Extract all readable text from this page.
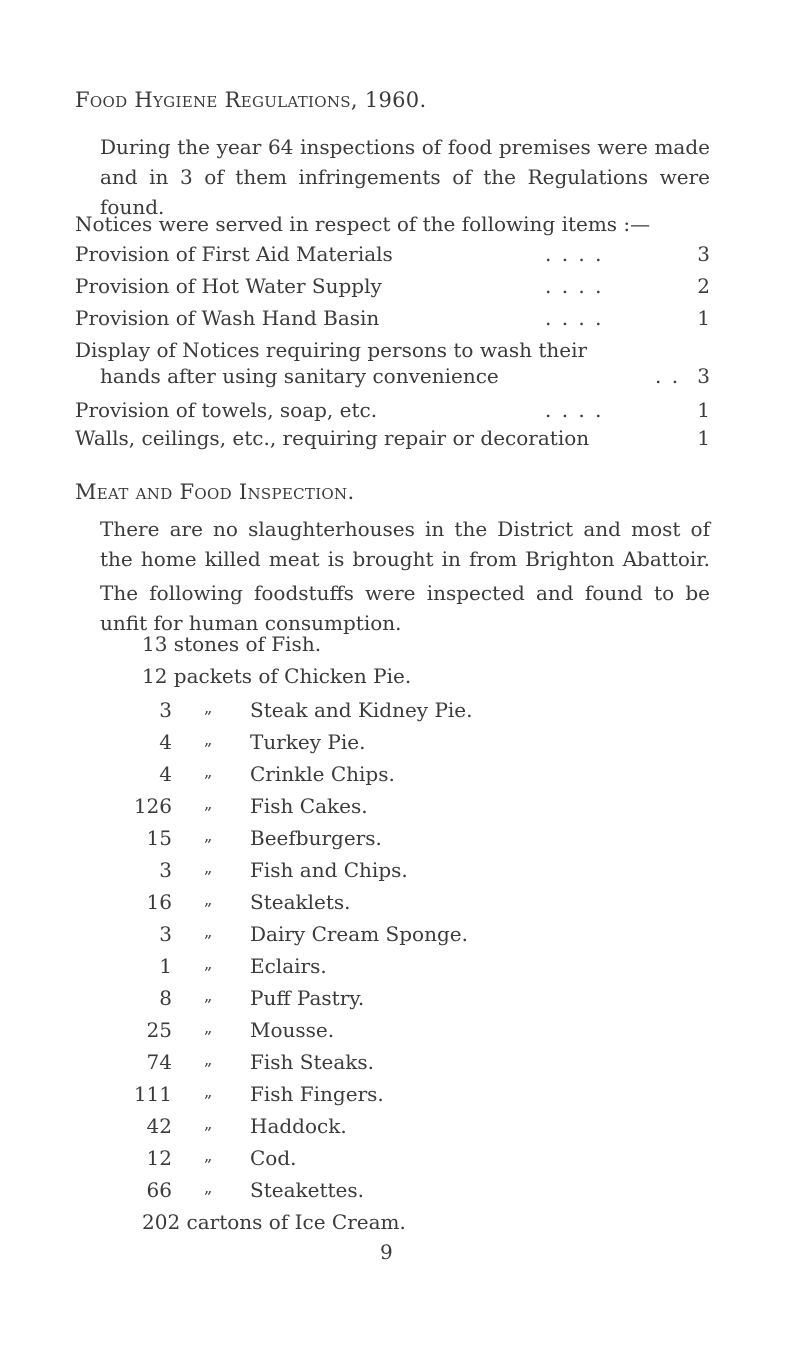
Food Hygiene Regulations, 1960.
During the year 64 inspections of food premises were made and in 3 of them infringements of the Regulations were found.
Notices were served in respect of the following items :—
Provision of First Aid Materials	. . . .	3
Provision of Hot Water Supply	. . . .	2
Provision of Wash Hand Basin	. . . .	1
Display of Notices requiring persons to wash their
hands after using sanitary convenience	. . 3
Provision of towels, soap, etc.	. . . .	1
Walls, ceilings, etc., requiring repair or decoration	1
Meat and Food Inspection.
There are no slaughterhouses in the District and most of the home killed meat is brought in from Brighton Abattoir.
The following foodstuffs were inspected and found to be unfit for human consumption.
13 stones of Fish.
12 packets of Chicken Pie.
3 „ Steak and Kidney Pie.
4 „ Turkey Pie.
4 „ Crinkle Chips.
126 „ Fish Cakes.
15 „ Beefburgers.
3 „ Fish and Chips.
16 „ Steaklets.
3 „ Dairy Cream Sponge.
1 „ Eclairs.
8 „ Puff Pastry.
25 „ Mousse.
74 „ Fish Steaks.
111 „ Fish Fingers.
42 „ Haddock.
12 „ Cod.
66 „ Steakettes.
202 cartons of Ice Cream.
9
